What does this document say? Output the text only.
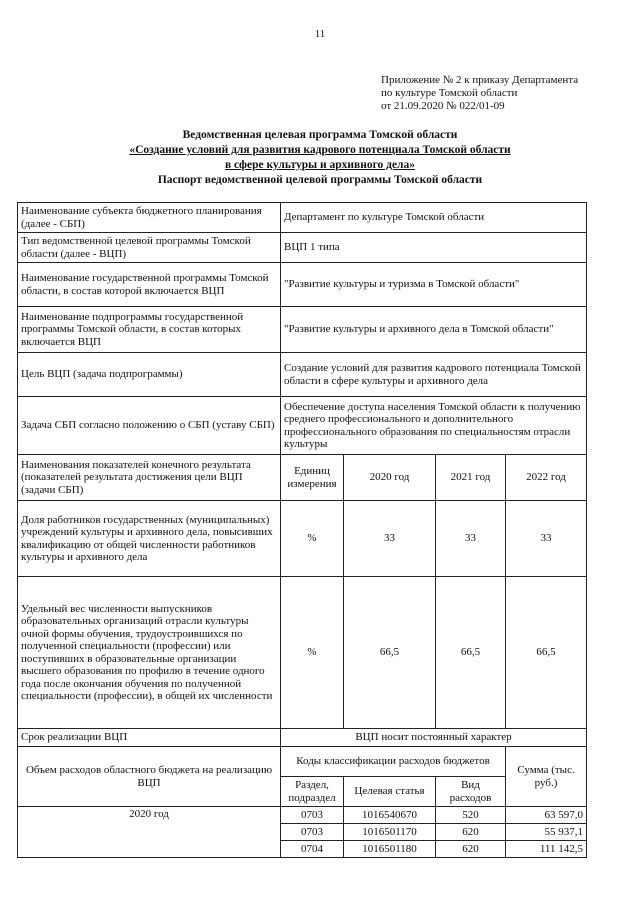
11
Приложение № 2 к приказу Департамента
по культуре Томской области
от 21.09.2020 № 022/01-09
Ведомственная целевая программа Томской области
«Создание условий для развития кадрового потенциала Томской области
в сфере культуры и архивного дела»
Паспорт ведомственной целевой программы Томской области
Наименование субъекта бюджетного планирования (далее - СБП)	Департамент по культуре Томской области			
Тип ведомственной целевой программы Томской области (далее - ВЦП)	ВЦП 1 типа			
Наименование государственной программы Томской области, в состав которой включается ВЦП	"Развитие культуры и туризма в Томской области"			
Наименование подпрограммы государственной программы Томской области, в состав которых включается ВЦП	"Развитие культуры и архивного дела в Томской области"			
Цель ВЦП (задача подпрограммы)	Создание условий для развития кадрового потенциала Томской области в сфере культуры и архивного дела			
Задача СБП согласно положению о СБП (уставу СБП)	Обеспечение доступа населения Томской области к получению среднего профессионального и дополнительного профессионального образования по специальностям отрасли культуры			
Наименования показателей конечного результата (показателей результата достижения цели ВЦП (задачи СБП)	Единиц измерения	2020 год	2021 год	2022 год
Доля работников государственных (муниципальных) учреждений культуры и архивного дела, повысивших квалификацию от общей численности работников культуры и архивного дела	%	33	33	33
Удельный вес численности выпускников образовательных организаций отрасли культуры очной формы обучения, трудоустроившихся по полученной специальности (профессии) или поступивших в образовательные организации высшего образования по профилю в течение одного года после окончания обучения по полученной специальности (профессии), в общей их численности	%	66,5	66,5	66,5
Срок реализации ВЦП	ВЦП носит постоянный характер			
Объем расходов областного бюджета на реализацию ВЦП	Коды классификации расходов бюджетов			Сумма (тыс. руб.)
	Раздел, подраздел	Целевая статья	Вид расходов	
2020 год	0703	1016540670	520	63 597,0
	0703	1016501170	620	55 937,1
	0704	1016501180	620	111 142,5
